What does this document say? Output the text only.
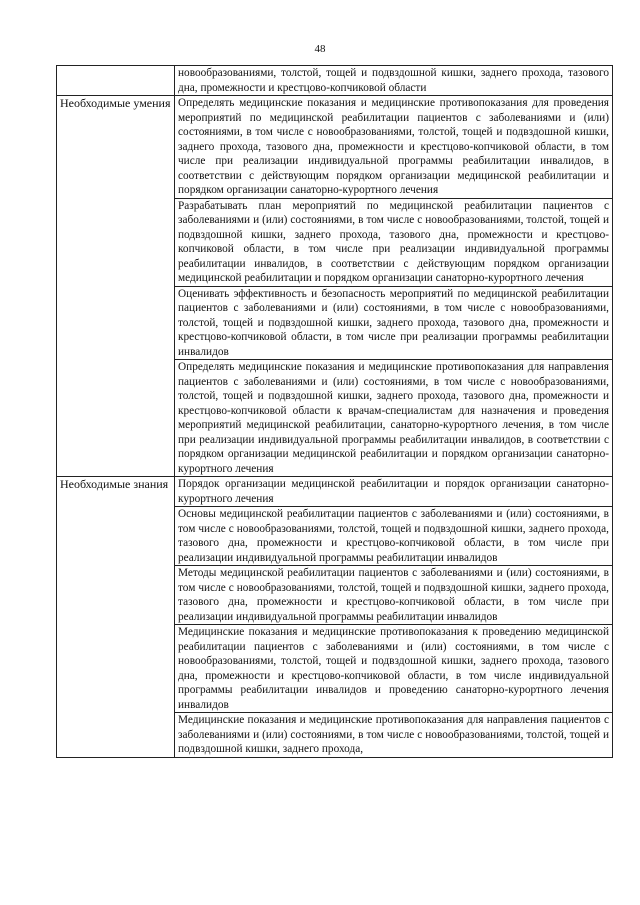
48
	новообразованиями, толстой, тощей и подвздошной кишки, заднего прохода, тазового дна, промежности и крестцово-копчиковой области
Необходимые умения	Определять медицинские показания и медицинские противопоказания для проведения мероприятий по медицинской реабилитации пациентов с заболеваниями и (или) состояниями, в том числе с новообразованиями, толстой, тощей и подвздошной кишки, заднего прохода, тазового дна, промежности и крестцово-копчиковой области, в том числе при реализации индивидуальной программы реабилитации инвалидов, в соответствии с действующим порядком организации медицинской реабилитации и порядком организации санаторно-курортного лечения
	Разрабатывать план мероприятий по медицинской реабилитации пациентов с заболеваниями и (или) состояниями, в том числе с новообразованиями, толстой, тощей и подвздошной кишки, заднего прохода, тазового дна, промежности и крестцово-копчиковой области, в том числе при реализации индивидуальной программы реабилитации инвалидов, в соответствии с действующим порядком организации медицинской реабилитации и порядком организации санаторно-курортного лечения
	Оценивать эффективность и безопасность мероприятий по медицинской реабилитации пациентов с заболеваниями и (или) состояниями, в том числе с новообразованиями, толстой, тощей и подвздошной кишки, заднего прохода, тазового дна, промежности и крестцово-копчиковой области, в том числе при реализации программы реабилитации инвалидов
	Определять медицинские показания и медицинские противопоказания для направления пациентов с заболеваниями и (или) состояниями, в том числе с новообразованиями, толстой, тощей и подвздошной кишки, заднего прохода, тазового дна, промежности и крестцово-копчиковой области к врачам-специалистам для назначения и проведения мероприятий медицинской реабилитации, санаторно-курортного лечения, в том числе при реализации индивидуальной программы реабилитации инвалидов, в соответствии с порядком организации медицинской реабилитации и порядком организации санаторно-курортного лечения
Необходимые знания	Порядок организации медицинской реабилитации и порядок организации санаторно-курортного лечения
	Основы медицинской реабилитации пациентов с заболеваниями и (или) состояниями, в том числе с новообразованиями, толстой, тощей и подвздошной кишки, заднего прохода, тазового дна, промежности и крестцово-копчиковой области, в том числе при реализации индивидуальной программы реабилитации инвалидов
	Методы медицинской реабилитации пациентов с заболеваниями и (или) состояниями, в том числе с новообразованиями, толстой, тощей и подвздошной кишки, заднего прохода, тазового дна, промежности и крестцово-копчиковой области, в том числе при реализации индивидуальной программы реабилитации инвалидов
	Медицинские показания и медицинские противопоказания к проведению медицинской реабилитации пациентов с заболеваниями и (или) состояниями, в том числе с новообразованиями, толстой, тощей и подвздошной кишки, заднего прохода, тазового дна, промежности и крестцово-копчиковой области, в том числе индивидуальной программы реабилитации инвалидов и проведению санаторно-курортного лечения инвалидов
	Медицинские показания и медицинские противопоказания для направления пациентов с заболеваниями и (или) состояниями, в том числе с новообразованиями, толстой, тощей и подвздошной кишки, заднего прохода,
